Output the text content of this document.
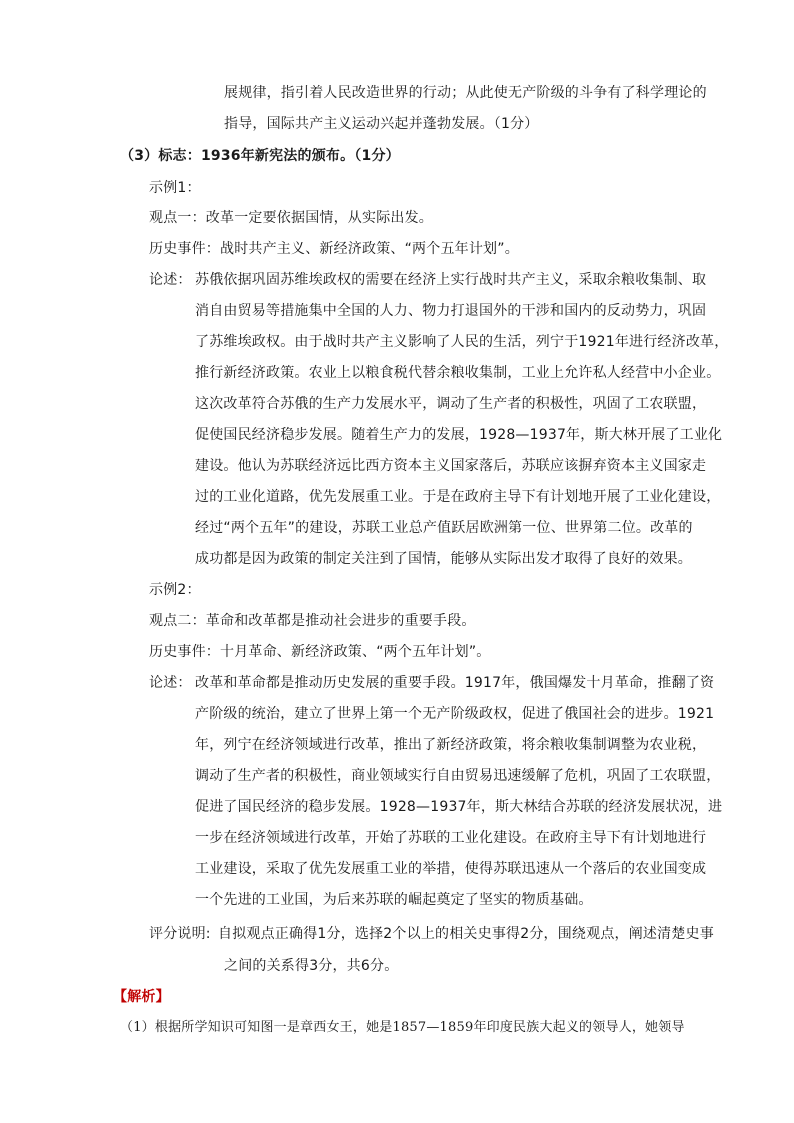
展规律，指引着人民改造世界的行动；从此使无产阶级的斗争有了科学理论的
指导，国际共产主义运动兴起并蓬勃发展。（1分）
（3）标志：1936年新宪法的颁布。（1分）
示例1：
观点一：改革一定要依据国情，从实际出发。
历史事件：战时共产主义、新经济政策、“两个五年计划”。
论述： 苏俄依据巩固苏维埃政权的需要在经济上实行战时共产主义，采取余粮收集制、取
消自由贸易等措施集中全国的人力、物力打退国外的干涉和国内的反动势力，巩固
了苏维埃政权。由于战时共产主义影响了人民的生活，列宁于1921年进行经济改革，
推行新经济政策。农业上以粮食税代替余粮收集制，工业上允许私人经营中小企业。
这次改革符合苏俄的生产力发展水平，调动了生产者的积极性，巩固了工农联盟，
促使国民经济稳步发展。随着生产力的发展，1928—1937年，斯大林开展了工业化
建设。他认为苏联经济远比西方资本主义国家落后，苏联应该摒弃资本主义国家走
过的工业化道路，优先发展重工业。于是在政府主导下有计划地开展了工业化建设，
经过“两个五年”的建设，苏联工业总产值跃居欧洲第一位、世界第二位。改革的
成功都是因为政策的制定关注到了国情，能够从实际出发才取得了良好的效果。
示例2：
观点二：革命和改革都是推动社会进步的重要手段。
历史事件：十月革命、新经济政策、“两个五年计划”。
论述： 改革和革命都是推动历史发展的重要手段。1917年，俄国爆发十月革命，推翻了资
产阶级的统治，建立了世界上第一个无产阶级政权，促进了俄国社会的进步。1921
年，列宁在经济领域进行改革，推出了新经济政策，将余粮收集制调整为农业税，
调动了生产者的积极性，商业领域实行自由贸易迅速缓解了危机，巩固了工农联盟，
促进了国民经济的稳步发展。1928—1937年，斯大林结合苏联的经济发展状况，进
一步在经济领域进行改革，开始了苏联的工业化建设。在政府主导下有计划地进行
工业建设，采取了优先发展重工业的举措，使得苏联迅速从一个落后的农业国变成
一个先进的工业国，为后来苏联的崛起奠定了坚实的物质基础。
评分说明: 自拟观点正确得1分，选择2个以上的相关史事得2分，围绕观点，阐述清楚史事
之间的关系得3分，共6分。
【解析】
（1）根据所学知识可知图一是章西女王，她是1857—1859年印度民族大起义的领导人，她领导
